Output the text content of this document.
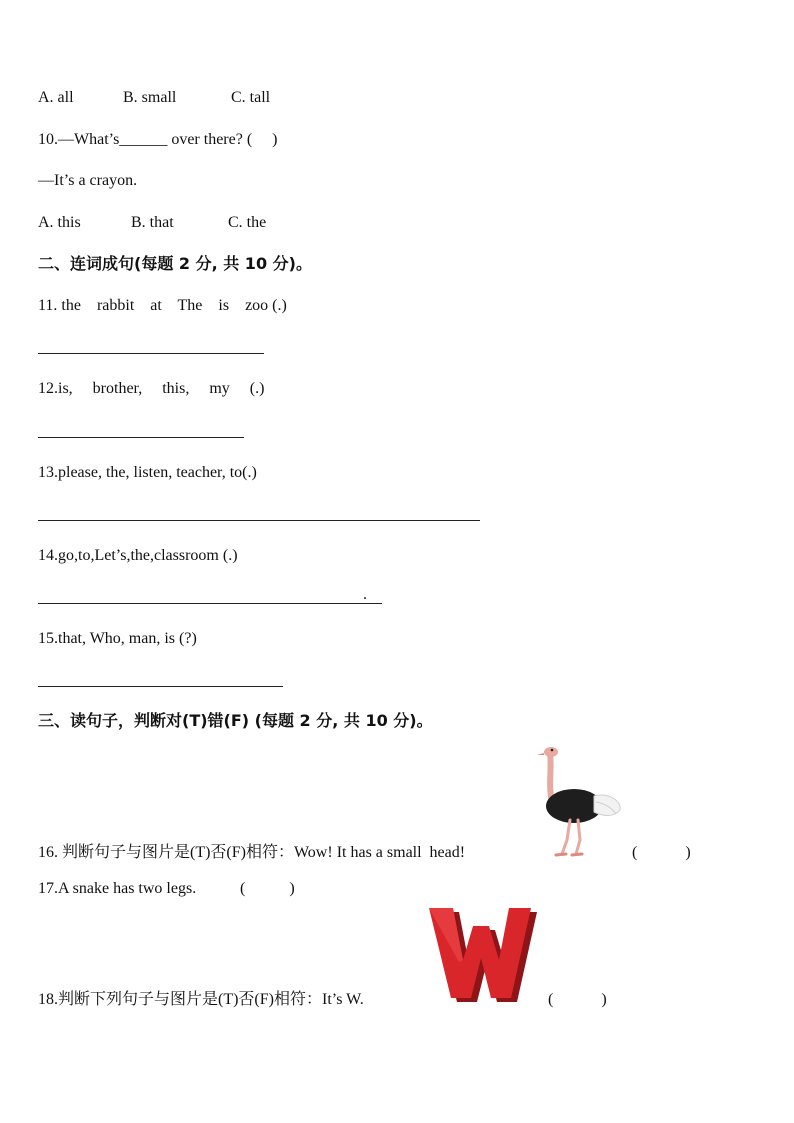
A. all	B. small	C. tall
10.—What’s______ over there? (     )
—It’s a crayon.
A. this	B. that	C. the
二、连词成句(每题 2 分, 共 10 分)。
11. the    rabbit    at    The    is    zoo (.)
12.is,     brother,     this,     my     (.)
13.please, the, listen, teacher, to(.)
14.go,to,Let’s,the,classroom (.)
.
15.that, Who, man, is (?)
三、读句子，判断对(T)错(F) (每题 2 分, 共 10 分)。
16. 判断句子与图片是(T)否(F)相符：Wow! It has a small  head!	(            )
17.A snake has two legs.	(           )
18.判断下列句子与图片是(T)否(F)相符：It’s W.	(            )
